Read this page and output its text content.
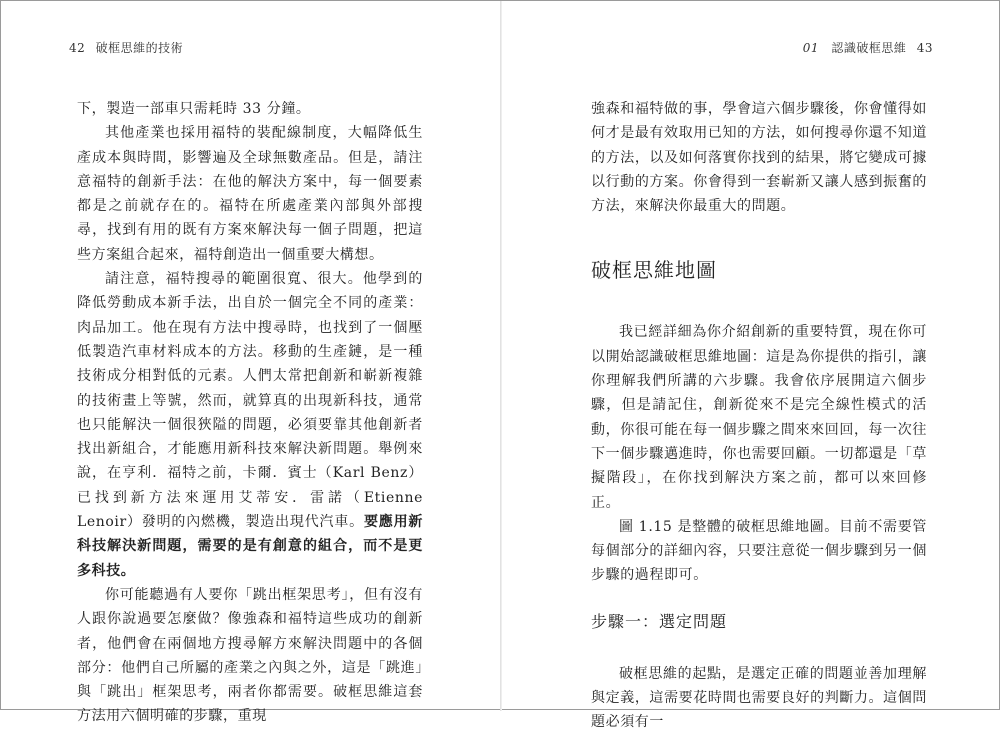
42 破框思維的技術

下，製造一部車只需耗時 33 分鐘。

其他產業也採用福特的裝配線制度，大幅降低生產成本與時間，影響遍及全球無數產品。但是，請注意福特的創新手法：在他的解決方案中，每一個要素都是之前就存在的。福特在所處產業內部與外部搜尋，找到有用的既有方案來解決每一個子問題，把這些方案組合起來，福特創造出一個重要大構想。

請注意，福特搜尋的範圍很寬、很大。他學到的降低勞動成本新手法，出自於一個完全不同的產業：肉品加工。他在現有方法中搜尋時，也找到了一個壓低製造汽車材料成本的方法。移動的生產鏈，是一種技術成分相對低的元素。人們太常把創新和嶄新複雜的技術畫上等號，然而，就算真的出現新科技，通常也只能解決一個很狹隘的問題，必須要靠其他創新者找出新組合，才能應用新科技來解決新問題。舉例來說，在亨利．福特之前，卡爾．賓士（Karl Benz）已找到新方法來運用艾蒂安．雷諾（Etienne Lenoir）發明的內燃機，製造出現代汽車。要應用新科技解決新問題，需要的是有創意的組合，而不是更多科技。

你可能聽過有人要你「跳出框架思考」，但有沒有人跟你說過要怎麼做？像強森和福特這些成功的創新者，他們會在兩個地方搜尋解方來解決問題中的各個部分：他們自己所屬的產業之內與之外，這是「跳進」與「跳出」框架思考，兩者你都需要。破框思維這套方法用六個明確的步驟，重現

01 認識破框思維 43

強森和福特做的事，學會這六個步驟後，你會懂得如何才是最有效取用已知的方法，如何搜尋你還不知道的方法，以及如何落實你找到的結果，將它變成可據以行動的方案。你會得到一套嶄新又讓人感到振奮的方法，來解決你最重大的問題。

破框思維地圖

我已經詳細為你介紹創新的重要特質，現在你可以開始認識破框思維地圖：這是為你提供的指引，讓你理解我們所講的六步驟。我會依序展開這六個步驟，但是請記住，創新從來不是完全線性模式的活動，你很可能在每一個步驟之間來來回回，每一次往下一個步驟邁進時，你也需要回顧。一切都還是「草擬階段」，在你找到解決方案之前，都可以來回修正。

圖 1.15 是整體的破框思維地圖。目前不需要管每個部分的詳細內容，只要注意從一個步驟到另一個步驟的過程即可。

步驟一：選定問題

破框思維的起點，是選定正確的問題並善加理解與定義，這需要花時間也需要良好的判斷力。這個問題必須有一
